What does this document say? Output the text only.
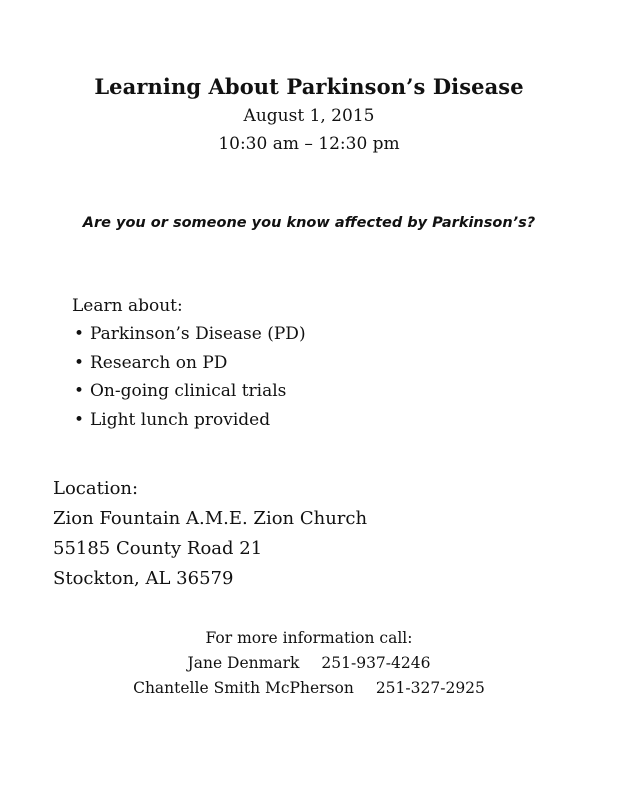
Learning About Parkinson’s Disease
August 1, 2015
10:30 am – 12:30 pm
Are you or someone you know affected by Parkinson’s?
Learn about:
• Parkinson’s Disease (PD)
• Research on PD
• On-going clinical trials
• Light lunch provided
Location:
Zion Fountain A.M.E. Zion Church
55185 County Road 21
Stockton, AL 36579
For more information call:
Jane Denmark 251-937-4246
Chantelle Smith McPherson 251-327-2925
